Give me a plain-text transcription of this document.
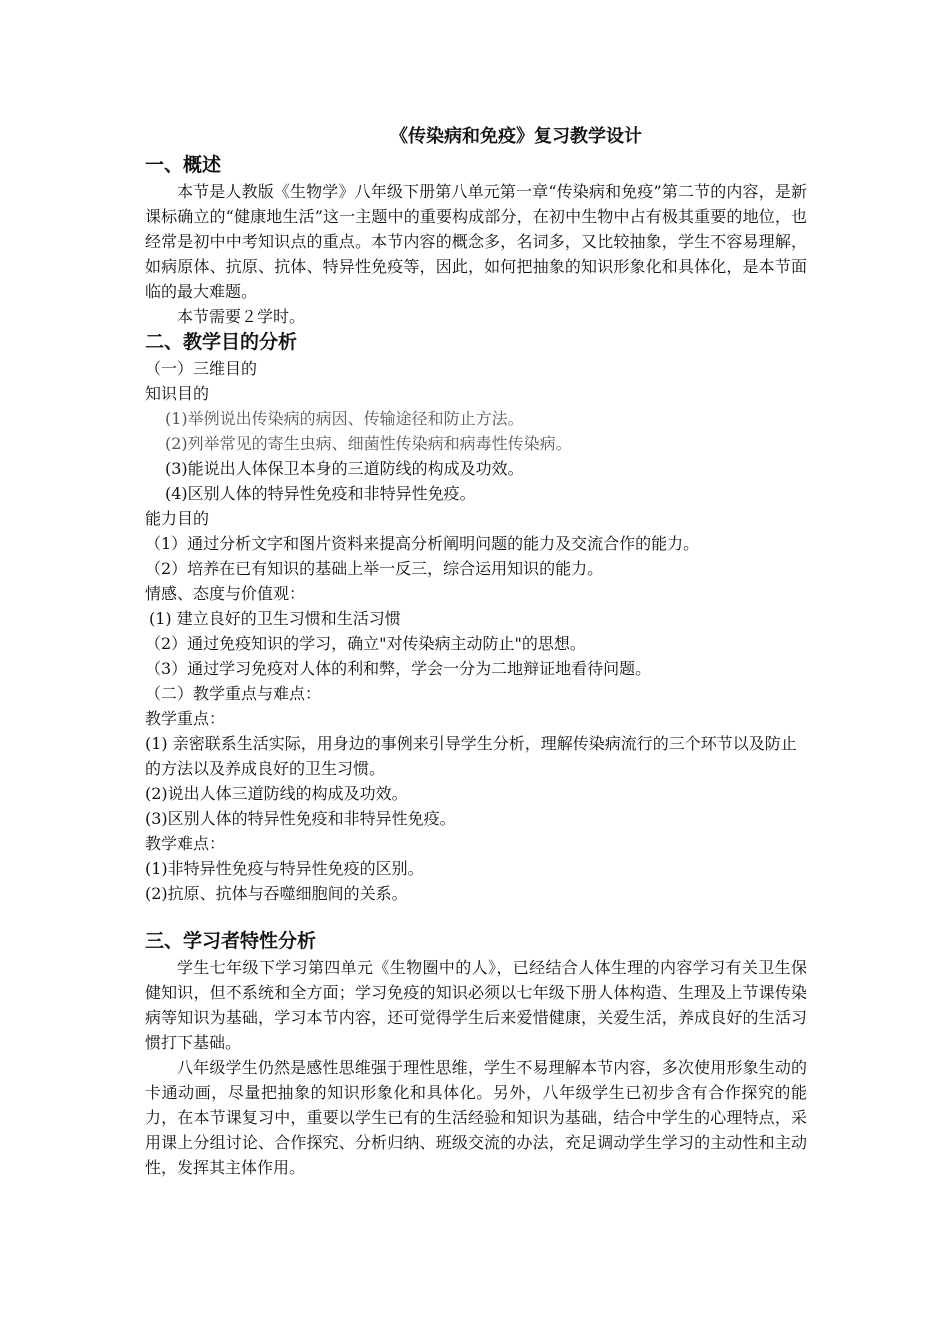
《传染病和免疫》复习教学设计

一、概述

本节是人教版《生物学》八年级下册第八单元第一章“传染病和免疫”第二节的内容，是新课标确立的“健康地生活”这一主题中的重要构成部分，在初中生物中占有极其重要的地位，也经常是初中中考知识点的重点。本节内容的概念多，名词多，又比较抽象，学生不容易理解，如病原体、抗原、抗体、特异性免疫等，因此，如何把抽象的知识形象化和具体化，是本节面临的最大难题。

本节需要２学时。

二、教学目的分析

（一）三维目的

知识目的

(1)举例说出传染病的病因、传输途径和防止方法。

(2)列举常见的寄生虫病、细菌性传染病和病毒性传染病。

(3)能说出人体保卫本身的三道防线的构成及功效。

(4)区别人体的特异性免疫和非特异性免疫。

能力目的

（1）通过分析文字和图片资料来提高分析阐明问题的能力及交流合作的能力。

（2）培养在已有知识的基础上举一反三，综合运用知识的能力。

情感、态度与价值观：

(1) 建立良好的卫生习惯和生活习惯

（2）通过免疫知识的学习，确立"对传染病主动防止"的思想。

（3）通过学习免疫对人体的利和弊，学会一分为二地辩证地看待问题。

（二）教学重点与难点：

教学重点：

(1) 亲密联系生活实际，用身边的事例来引导学生分析，理解传染病流行的三个环节以及防止的方法以及养成良好的卫生习惯。

(2)说出人体三道防线的构成及功效。

(3)区别人体的特异性免疫和非特异性免疫。

教学难点：

(1)非特异性免疫与特异性免疫的区别。

(2)抗原、抗体与吞噬细胞间的关系。

三、学习者特性分析

学生七年级下学习第四单元《生物圈中的人》，已经结合人体生理的内容学习有关卫生保健知识，但不系统和全方面；学习免疫的知识必须以七年级下册人体构造、生理及上节课传染病等知识为基础，学习本节内容，还可觉得学生后来爱惜健康，关爱生活，养成良好的生活习惯打下基础。

八年级学生仍然是感性思维强于理性思维，学生不易理解本节内容，多次使用形象生动的卡通动画，尽量把抽象的知识形象化和具体化。另外，八年级学生已初步含有合作探究的能力，在本节课复习中，重要以学生已有的生活经验和知识为基础，结合中学生的心理特点，采用课上分组讨论、合作探究、分析归纳、班级交流的办法，充足调动学生学习的主动性和主动性，发挥其主体作用。
